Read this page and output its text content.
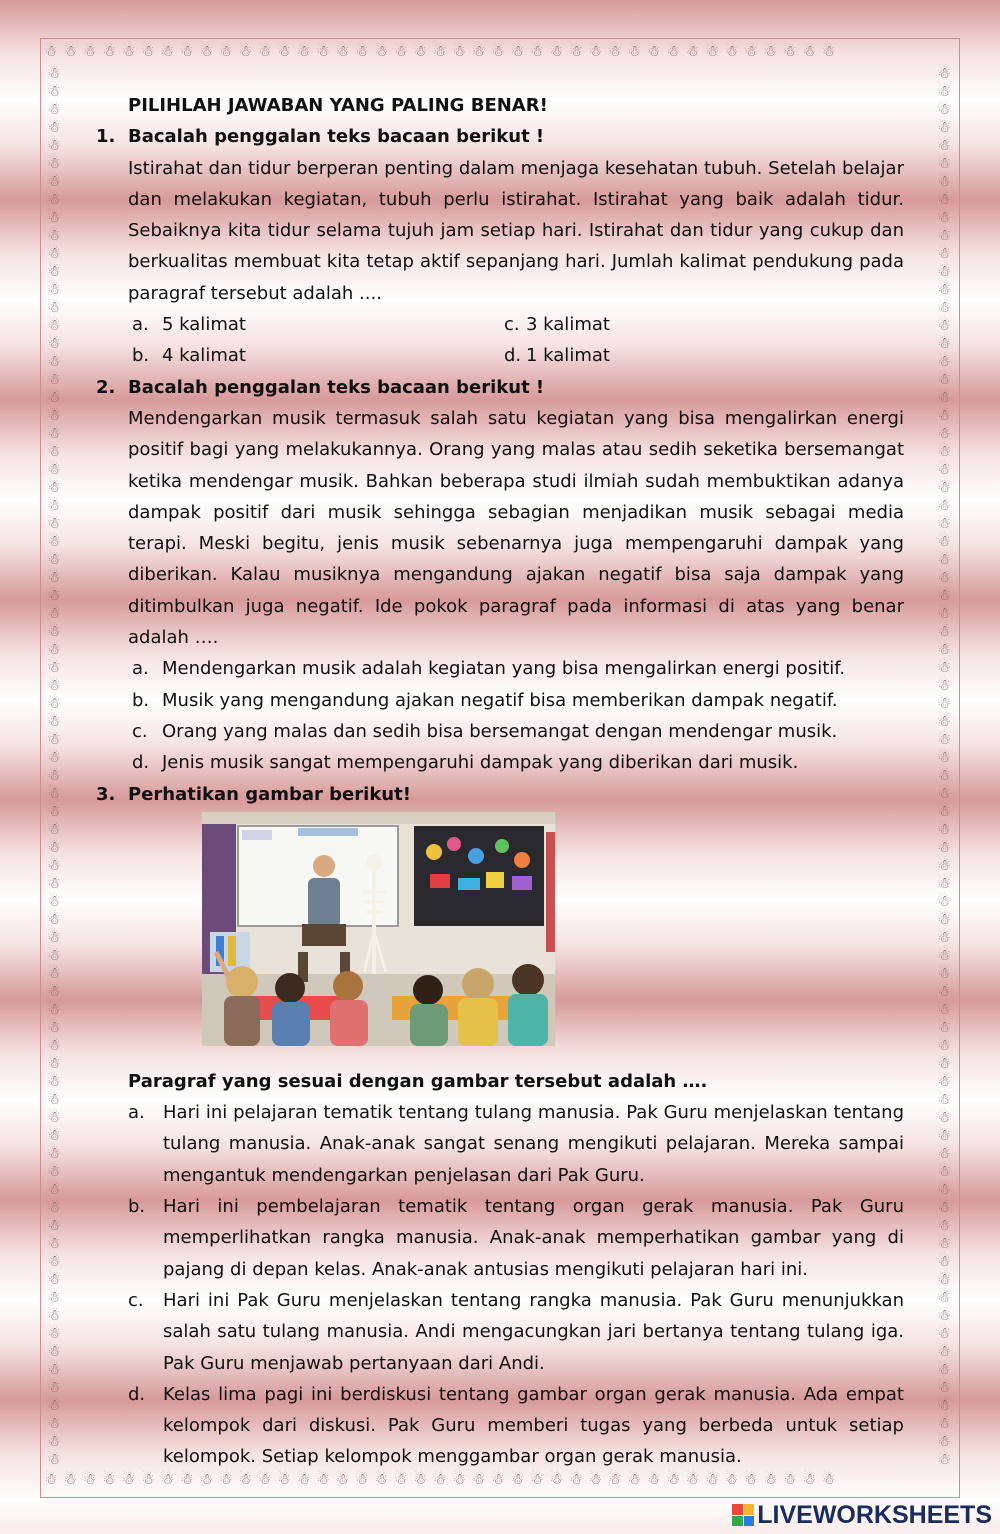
☃☃☃☃☃☃☃☃☃☃☃☃☃☃☃☃☃☃☃☃☃☃☃☃☃☃☃☃☃☃☃☃☃☃☃☃☃☃☃☃☃
☃☃☃☃☃☃☃☃☃☃☃☃☃☃☃☃☃☃☃☃☃☃☃☃☃☃☃☃☃☃☃☃☃☃☃☃☃☃☃☃☃
☃☃☃☃☃☃☃☃☃☃☃☃☃☃☃☃☃☃☃☃☃☃☃☃☃☃☃☃☃☃☃☃☃☃☃☃☃☃☃☃☃☃☃☃☃☃☃☃☃☃☃☃☃☃☃☃☃☃☃☃☃☃☃☃☃☃☃☃☃☃☃☃☃☃☃☃☃☃
☃☃☃☃☃☃☃☃☃☃☃☃☃☃☃☃☃☃☃☃☃☃☃☃☃☃☃☃☃☃☃☃☃☃☃☃☃☃☃☃☃☃☃☃☃☃☃☃☃☃☃☃☃☃☃☃☃☃☃☃☃☃☃☃☃☃☃☃☃☃☃☃☃☃☃☃☃☃
PILIHLAH JAWABAN YANG PALING BENAR!
1. Bacalah penggalan teks bacaan berikut !
Istirahat dan tidur berperan penting dalam menjaga kesehatan tubuh. Setelah belajar dan melakukan kegiatan, tubuh perlu istirahat. Istirahat yang baik adalah tidur. Sebaiknya kita tidur selama tujuh jam setiap hari. Istirahat dan tidur yang cukup dan berkualitas membuat kita tetap aktif sepanjang hari. Jumlah kalimat pendukung pada paragraf tersebut adalah ....
a. 5 kalimat	c. 3 kalimat
b. 4 kalimat	d. 1 kalimat
2. Bacalah penggalan teks bacaan berikut !
Mendengarkan musik termasuk salah satu kegiatan yang bisa mengalirkan energi positif bagi yang melakukannya. Orang yang malas atau sedih seketika bersemangat ketika mendengar musik. Bahkan beberapa studi ilmiah sudah membuktikan adanya dampak positif dari musik sehingga sebagian menjadikan musik sebagai media terapi. Meski begitu, jenis musik sebenarnya juga mempengaruhi dampak yang diberikan. Kalau musiknya mengandung ajakan negatif bisa saja dampak yang ditimbulkan juga negatif. Ide pokok paragraf pada informasi di atas yang benar adalah ….
a. Mendengarkan musik adalah kegiatan yang bisa mengalirkan energi positif.
b. Musik yang mengandung ajakan negatif bisa memberikan dampak negatif.
c. Orang yang malas dan sedih bisa bersemangat dengan mendengar musik.
d. Jenis musik sangat mempengaruhi dampak yang diberikan dari musik.
3. Perhatikan gambar berikut!
Paragraf yang sesuai dengan gambar tersebut adalah ….
a.	Hari ini pelajaran tematik tentang tulang manusia. Pak Guru menjelaskan tentang tulang manusia. Anak-anak sangat senang mengikuti pelajaran. Mereka sampai mengantuk mendengarkan penjelasan dari Pak Guru.
b. Hari ini pembelajaran tematik tentang organ gerak manusia. Pak Guru memperlihatkan rangka manusia. Anak-anak memperhatikan gambar yang di pajang di depan kelas. Anak-anak antusias mengikuti pelajaran hari ini.
c.	Hari ini Pak Guru menjelaskan tentang rangka manusia. Pak Guru menunjukkan salah satu tulang manusia. Andi mengacungkan jari bertanya tentang tulang iga. Pak Guru menjawab pertanyaan dari Andi.
d. Kelas lima pagi ini berdiskusi tentang gambar organ gerak manusia. Ada empat kelompok dari diskusi. Pak Guru memberi tugas yang berbeda untuk setiap kelompok. Setiap kelompok menggambar organ gerak manusia.
LIVEWORKSHEETS
